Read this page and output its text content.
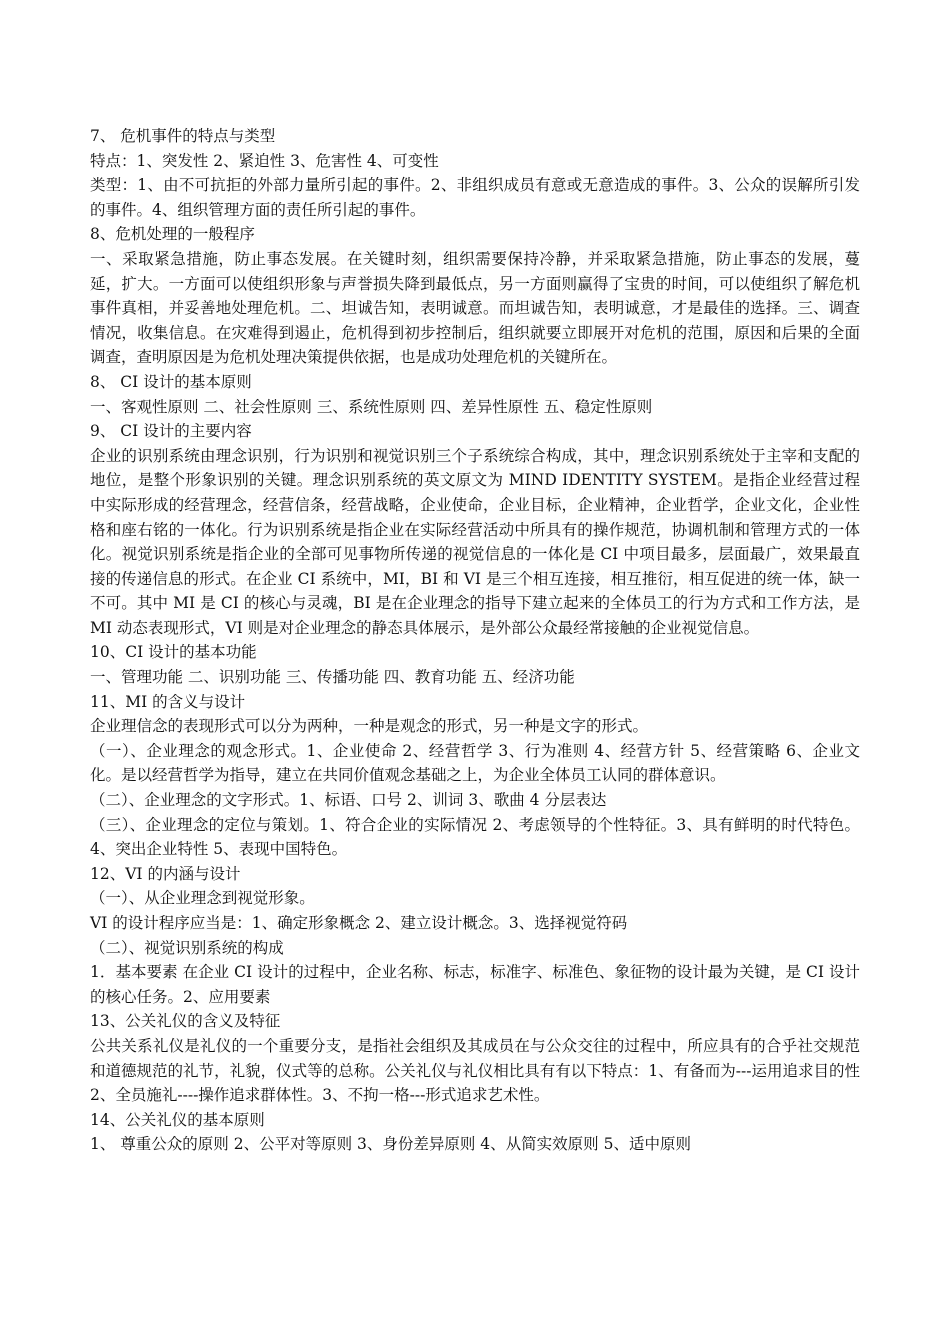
7、 危机事件的特点与类型

特点：1、突发性 2、紧迫性 3、危害性 4、可变性

类型：1、由不可抗拒的外部力量所引起的事件。2、非组织成员有意或无意造成的事件。3、公众的误解所引发的事件。4、组织管理方面的责任所引起的事件。

8、危机处理的一般程序

一、采取紧急措施，防止事态发展。在关键时刻，组织需要保持冷静，并采取紧急措施，防止事态的发展，蔓延，扩大。一方面可以使组织形象与声誉损失降到最低点，另一方面则赢得了宝贵的时间，可以使组织了解危机事件真相，并妥善地处理危机。二、坦诚告知，表明诚意。而坦诚告知，表明诚意，才是最佳的选择。三、调查情况，收集信息。在灾难得到遏止，危机得到初步控制后，组织就要立即展开对危机的范围，原因和后果的全面调查，查明原因是为危机处理决策提供依据，也是成功处理危机的关键所在。

8、 CI 设计的基本原则

一、客观性原则 二、社会性原则 三、系统性原则 四、差异性原性 五、稳定性原则

9、 CI 设计的主要内容

企业的识别系统由理念识别，行为识别和视觉识别三个子系统综合构成，其中，理念识别系统处于主宰和支配的地位，是整个形象识别的关键。理念识别系统的英文原文为 MIND IDENTITY SYSTEM。是指企业经营过程中实际形成的经营理念，经营信条，经营战略，企业使命，企业目标，企业精神，企业哲学，企业文化，企业性格和座右铭的一体化。行为识别系统是指企业在实际经营活动中所具有的操作规范，协调机制和管理方式的一体化。视觉识别系统是指企业的全部可见事物所传递的视觉信息的一体化是 CI 中项目最多，层面最广，效果最直接的传递信息的形式。在企业 CI 系统中，MI，BI 和 VI 是三个相互连接，相互推衍，相互促进的统一体，缺一不可。其中 MI 是 CI 的核心与灵魂，BI 是在企业理念的指导下建立起来的全体员工的行为方式和工作方法，是 MI 动态表现形式，VI 则是对企业理念的静态具体展示，是外部公众最经常接触的企业视觉信息。

10、CI 设计的基本功能

一、管理功能 二、识别功能 三、传播功能 四、教育功能 五、经济功能

11、MI 的含义与设计

企业理信念的表现形式可以分为两种，一种是观念的形式，另一种是文字的形式。

（一）、企业理念的观念形式。1、企业使命 2、经营哲学 3、行为准则 4、经营方针 5、经营策略 6、企业文化。是以经营哲学为指导，建立在共同价值观念基础之上，为企业全体员工认同的群体意识。

（二）、企业理念的文字形式。1、标语、口号 2、训词 3、歌曲 4 分层表达

（三）、企业理念的定位与策划。1、符合企业的实际情况 2、考虑领导的个性特征。3、具有鲜明的时代特色。4、突出企业特性 5、表现中国特色。

12、VI 的内涵与设计

（一）、从企业理念到视觉形象。

VI 的设计程序应当是：1、确定形象概念 2、建立设计概念。3、选择视觉符码

（二）、视觉识别系统的构成

1．基本要素 在企业 CI 设计的过程中，企业名称、标志，标准字、标准色、象征物的设计最为关键，是 CI 设计的核心任务。2、应用要素

13、公关礼仪的含义及特征

公共关系礼仪是礼仪的一个重要分支，是指社会组织及其成员在与公众交往的过程中，所应具有的合乎社交规范和道德规范的礼节，礼貌，仪式等的总称。公关礼仪与礼仪相比具有有以下特点：1、有备而为---运用追求目的性 2、全员施礼----操作追求群体性。3、不拘一格---形式追求艺术性。

14、公关礼仪的基本原则

1、 尊重公众的原则 2、公平对等原则 3、身份差异原则 4、从简实效原则 5、适中原则
